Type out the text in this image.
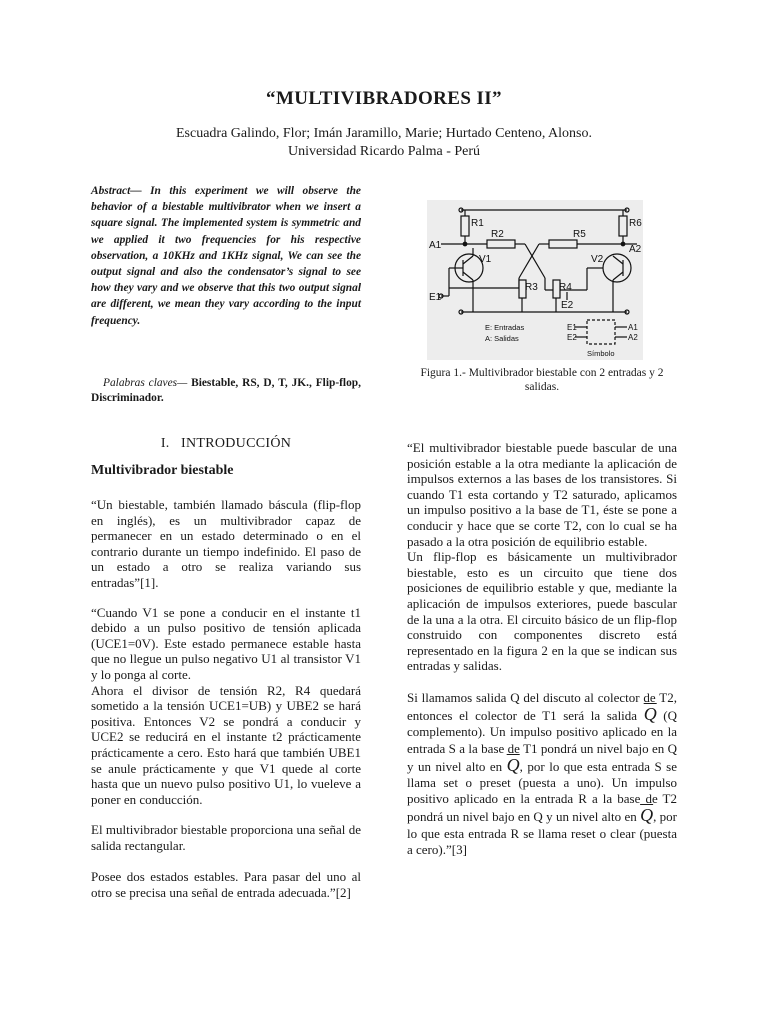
“MULTIVIBRADORES II”
Escuadra Galindo, Flor; Imán Jaramillo, Marie; Hurtado Centeno, Alonso.
Universidad Ricardo Palma - Perú

Abstract— In this experiment we will observe the behavior of a biestable multivibrator when we insert a square signal. The implemented system is symmetric and we applied it two frequencies for his respective observation, a 10KHz and 1KHz signal, We can see the output signal and also the condensator’s signal to see how they vary and we observe that this two output signal are different, we mean they vary according to the input frequency.

Palabras claves— Biestable, RS, D, T, JK., Flip-flop, Discriminador.

I. INTRODUCCIÓN
Multivibrador biestable

“Un biestable, también llamado báscula (flip-flop en inglés), es un multivibrador capaz de permanecer en un estado determinado o en el contrario durante un tiempo indefinido. El paso de un estado a otro se realiza variando sus entradas”[1].

“Cuando V1 se pone a conducir en el instante t1 debido a un pulso positivo de tensión aplicada (UCE1=0V). Este estado permanece estable hasta que no llegue un pulso negativo U1 al transistor V1 y lo ponga al corte.

Ahora el divisor de tensión R2, R4 quedará sometido a la tensión UCE1=UB) y UBE2 se hará positiva. Entonces V2 se pondrá a conducir y UCE2 se reducirá en el instante t2 prácticamente prácticamente a cero. Esto hará que también UBE1 se anule prácticamente y que V1 quede al corte hasta que un nuevo pulso positivo U1, lo vueleve a poner en conducción.

El multivibrador biestable proporciona una señal de salida rectangular.

Posee dos estados estables. Para pasar del uno al otro se precisa una señal de entrada adecuada.”[2]

R1
R2
R3 R4
R5
R6
A1	A2
E1
E2
V1	V2
E: Entradas
A: Salidas
Símbolo
E1
E2
A1
A2
Figura 1.- Multivibrador biestable con 2 entradas y 2 salidas.

“El multivibrador biestable puede bascular de una posición estable a la otra mediante la aplicación de impulsos externos a las bases de los transistores. Si cuando T1 esta cortando y T2 saturado, aplicamos un impulso positivo a la base de T1, éste se pone a conducir y hace que se corte T2, con lo cual se ha pasado a la otra posición de equilibrio estable.

Un flip-flop es básicamente un multivibrador biestable, esto es un circuito que tiene dos posiciones de equilibrio estable y que, mediante la aplicación de impulsos exteriores, puede bascular de la una a la otra. El circuito básico de un flip-flop construido con componentes discreto está representado en la figura 2 en la que se indican sus entradas y salidas.

Si llamamos salida Q del discuto al colector de T2, entonces el colector de T1 será la salida $\overline{Q}$ (Q complemento). Un impulso positivo aplicado en la entrada S a la base de T1 pondrá un nivel bajo en Q y un nivel alto en $\overline{Q}$, por lo que esta entrada S se llama set o preset (puesta a uno). Un impulso positivo aplicado en la entrada R a la base de T2 pondrá un nivel bajo en Q y un nivel alto en $\overline{Q}$, por lo que esta entrada R se llama reset o clear (puesta a cero).”[3]
